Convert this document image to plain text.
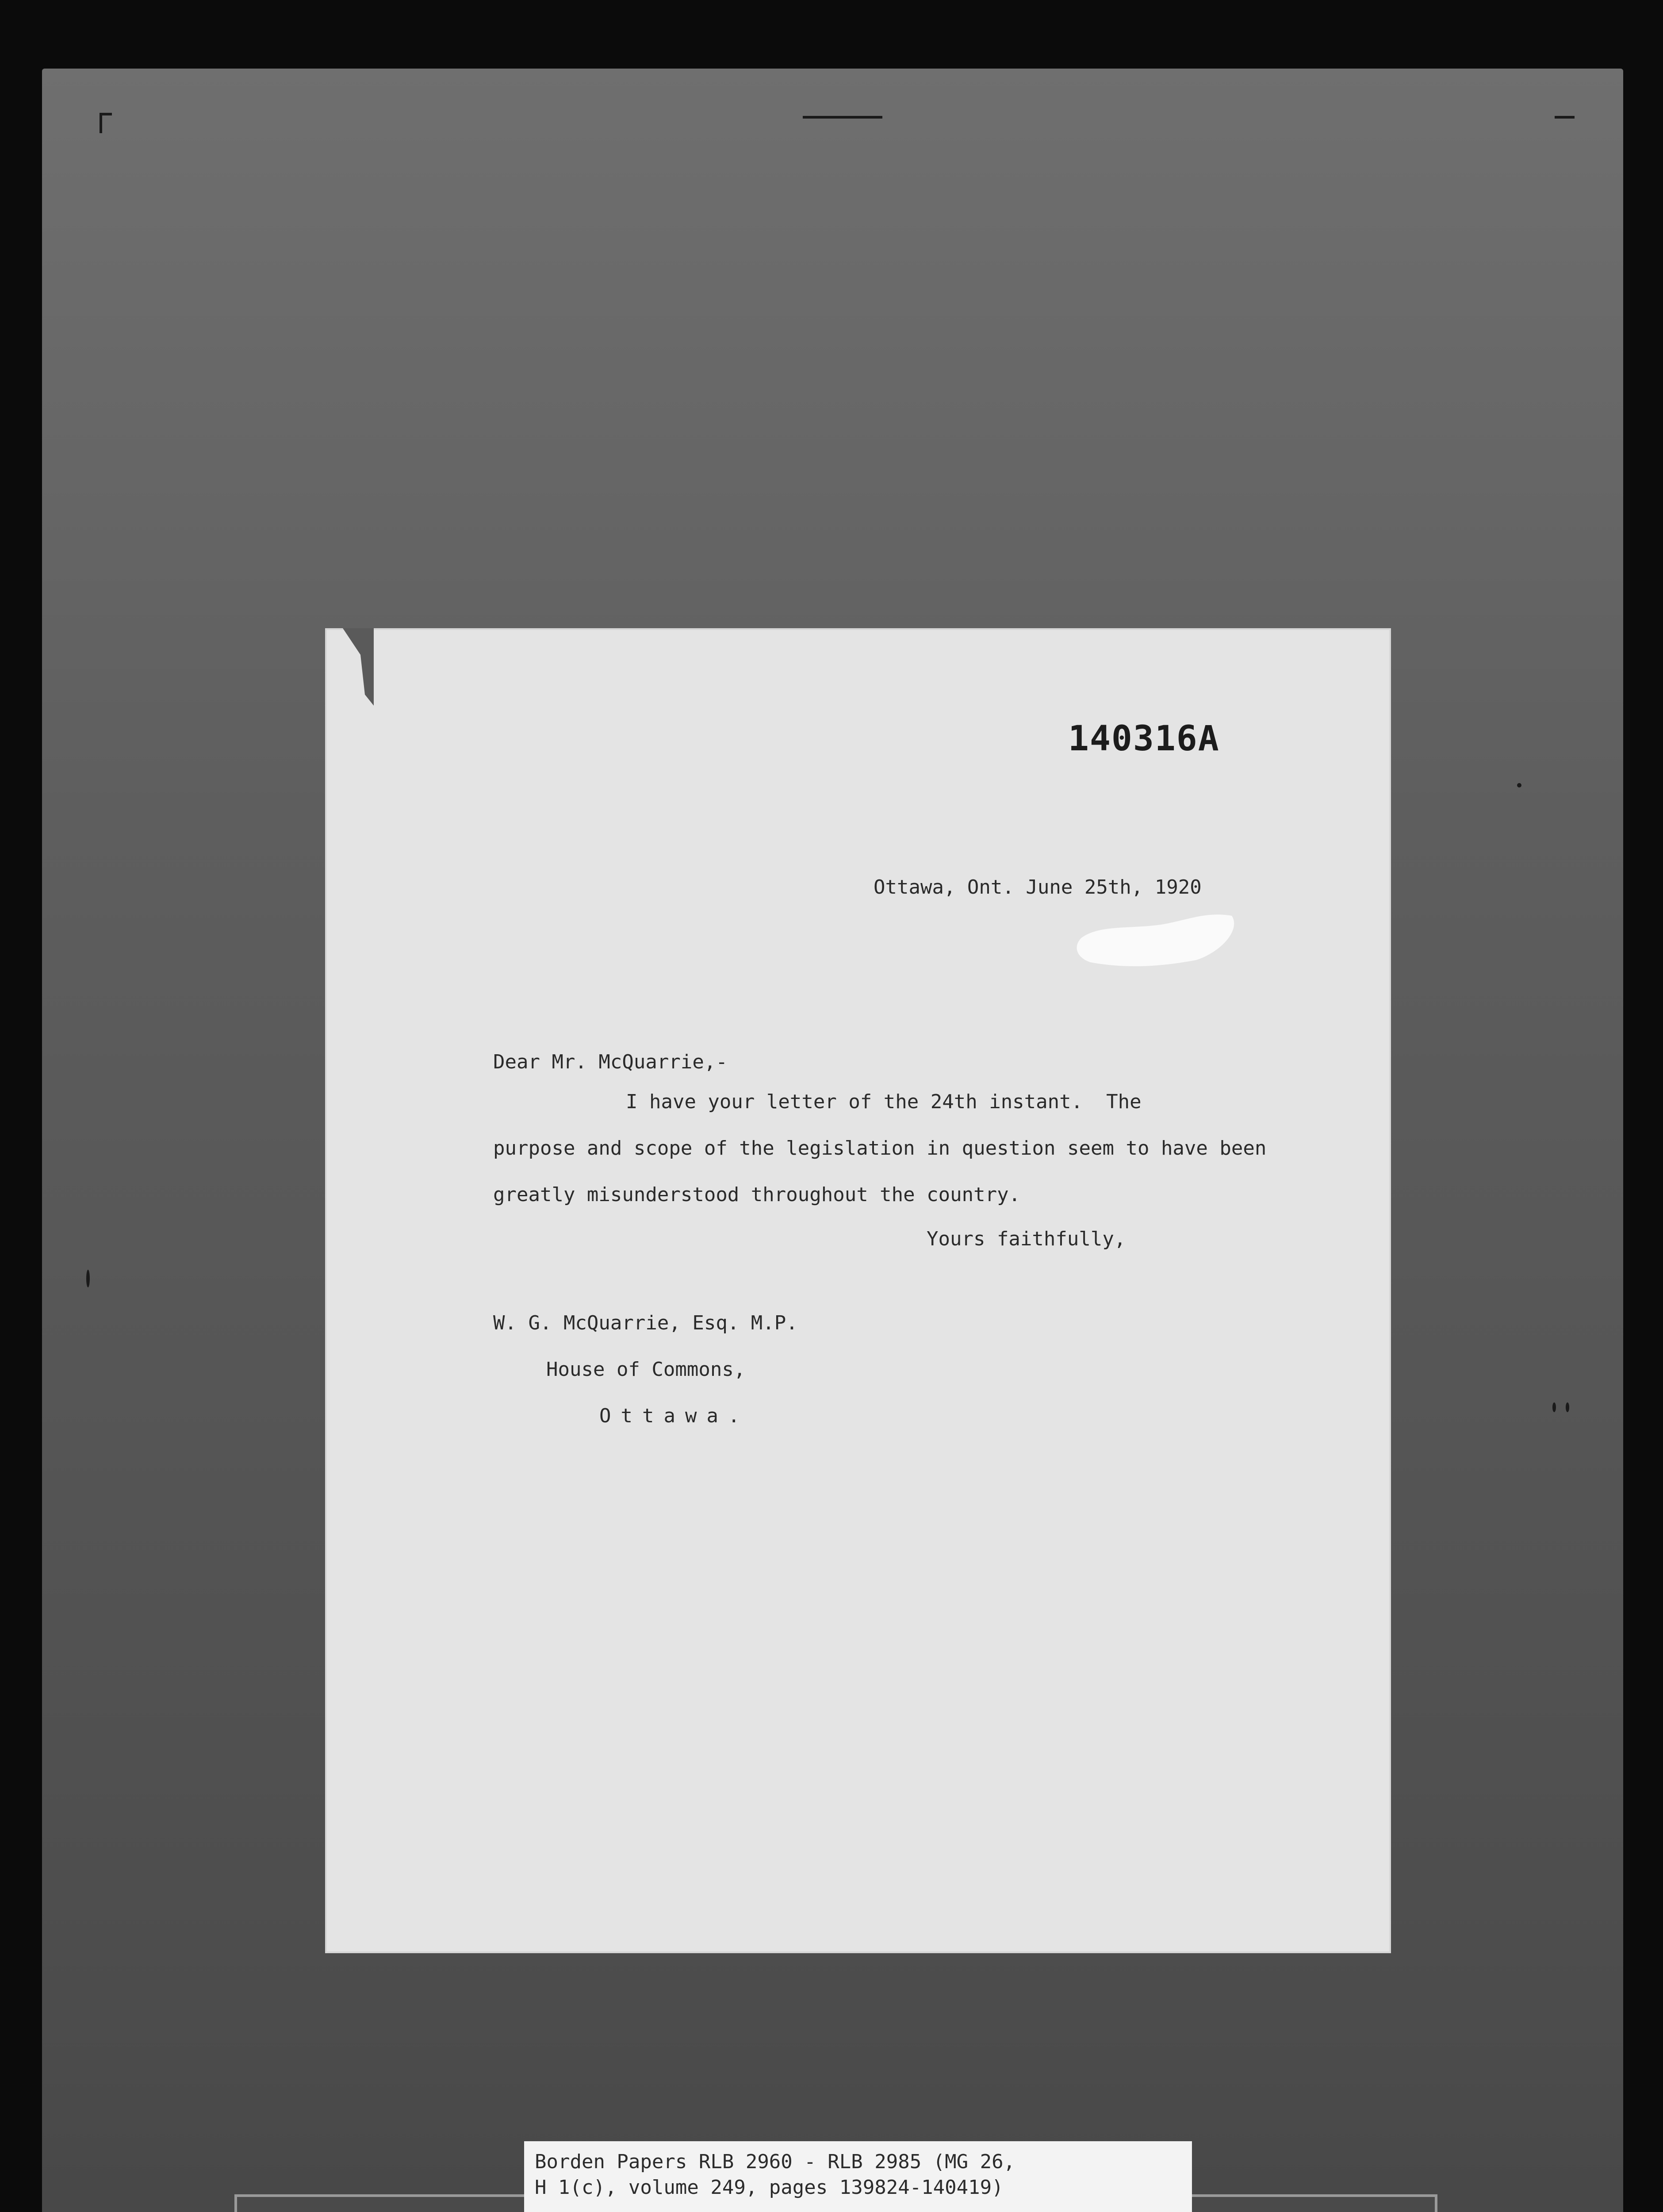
140316A
Ottawa, Ont. June 25th, 1920
Dear Mr. McQuarrie,-
I have your letter of the 24th instant.  The
purpose and scope of the legislation in question seem to have been
greatly misunderstood throughout the country.
Yours faithfully,
W. G. McQuarrie, Esq. M.P.
House of Commons,
Ottawa.
Borden Papers RLB 2960 - RLB 2985 (MG 26,
H 1(c), volume 249, pages 139824-140419)
